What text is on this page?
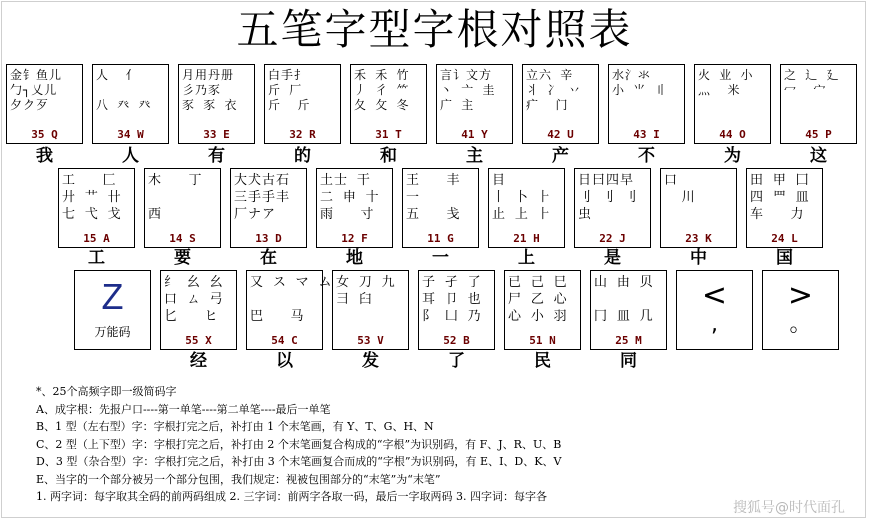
五笔字型字根对照表
金钅鱼儿
勹┐乂儿
夕ク歹

35 Q
我
人  亻

八 癶 癶

34 W
人
月用丹册
彡乃豕
豕 豕 衣

33 E
有
白手扌
斤 厂
斤  斤

32 R
的
禾 禾 竹
丿 彳 ⺮
夂 攵 冬

31 T
和
言讠文方
丶 亠 圭
广 主

41 Y
主
立六 辛
丬 冫 丷
疒  门

42 U
产
水氵氺
小 ⺌ 〢

43 I
不
火 业 小
灬  米

44 O
为
之 辶 廴
冖  宀

45 P
这
工   匚
廾 艹 卄
七 弋 戈

15 A
工
木   丁

西

14 S
要
大犬古石
三手手丰
厂ナア

13 D
在
土士 干
二 申 十
雨   寸

12 F
地
王   丰
一
五   戋

11 G
一
目
丨 卜 ⺊
止 上 ⺊

21 H
上
日曰四早
刂 刂 刂
虫

22 J
是
口
川

23 K
中
田 甲 囗
四 罒 皿
车   力

24 L
国
Z
万能码
纟 幺 幺
口 ㄙ 弓
匕   ヒ

55 X
经
又 ス マ ム

巴   马

54 C
以
女 刀 九
彐 臼

53 V
发
子 孑 了
耳 卩 也
阝 凵 乃

52 B
了
已 己 巳
尸 乙 心
心 小 羽

51 N
民
山 由 贝

冂 皿 几

25 M
同
<
,
>
。
*、25个高频字即一级简码字
A、成字根：先报户口----第一单笔----第二单笔----最后一单笔
B、1 型（左右型）字：字根打完之后，补打由 1 个末笔画，有 Y、T、G、H、N
C、2 型（上下型）字：字根打完之后，补打由 2 个末笔画复合构成的“字根”为识别码，有 F、J、R、U、B
D、3 型（杂合型）字：字根打完之后，补打由 3 个末笔画复合而成的“字根”为识别码，有 E、I、D、K、V
E、当字的一个部分被另一个部分包围，我们规定：视被包围部分的“末笔”为“末笔”
1. 两字词：每字取其全码的前两码组成 2. 三字词：前两字各取一码，最后一字取两码 3. 四字词：每字各
搜狐号@时代面孔
